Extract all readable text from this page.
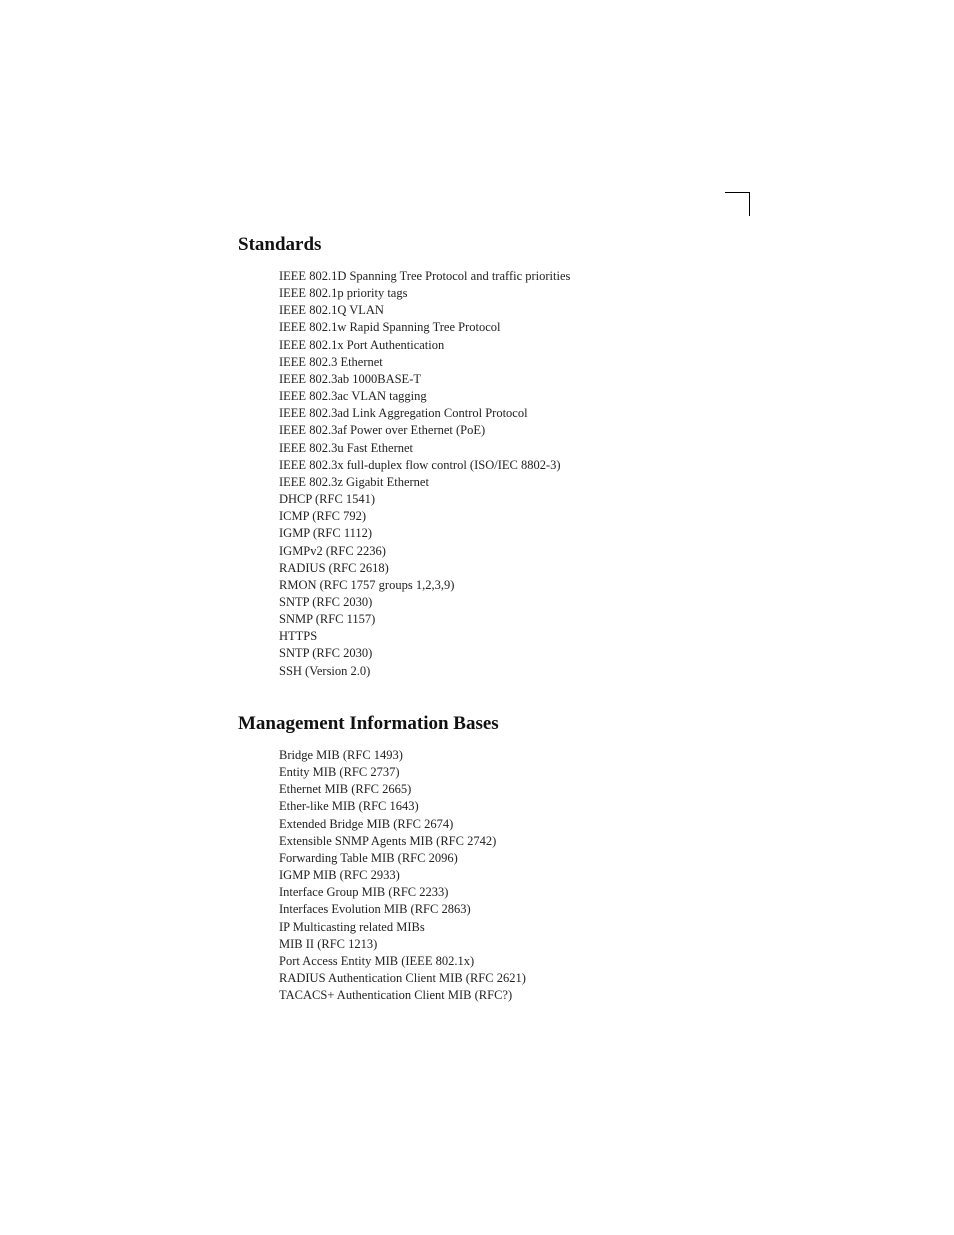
Standards
IEEE 802.1D Spanning Tree Protocol and traffic priorities
IEEE 802.1p priority tags
IEEE 802.1Q VLAN
IEEE 802.1w Rapid Spanning Tree Protocol
IEEE 802.1x Port Authentication
IEEE 802.3 Ethernet
IEEE 802.3ab 1000BASE-T
IEEE 802.3ac VLAN tagging
IEEE 802.3ad Link Aggregation Control Protocol
IEEE 802.3af Power over Ethernet (PoE)
IEEE 802.3u Fast Ethernet
IEEE 802.3x full-duplex flow control (ISO/IEC 8802-3)
IEEE 802.3z Gigabit Ethernet
DHCP (RFC 1541)
ICMP (RFC 792)
IGMP (RFC 1112)
IGMPv2 (RFC 2236)
RADIUS (RFC 2618)
RMON (RFC 1757 groups 1,2,3,9)
SNTP (RFC 2030)
SNMP (RFC 1157)
HTTPS
SNTP (RFC 2030)
SSH (Version 2.0)
Management Information Bases
Bridge MIB (RFC 1493)
Entity MIB (RFC 2737)
Ethernet MIB (RFC 2665)
Ether-like MIB (RFC 1643)
Extended Bridge MIB (RFC 2674)
Extensible SNMP Agents MIB (RFC 2742)
Forwarding Table MIB (RFC 2096)
IGMP MIB (RFC 2933)
Interface Group MIB (RFC 2233)
Interfaces Evolution MIB (RFC 2863)
IP Multicasting related MIBs
MIB II (RFC 1213)
Port Access Entity MIB (IEEE 802.1x)
RADIUS Authentication Client MIB (RFC 2621)
TACACS+ Authentication Client MIB (RFC?)
